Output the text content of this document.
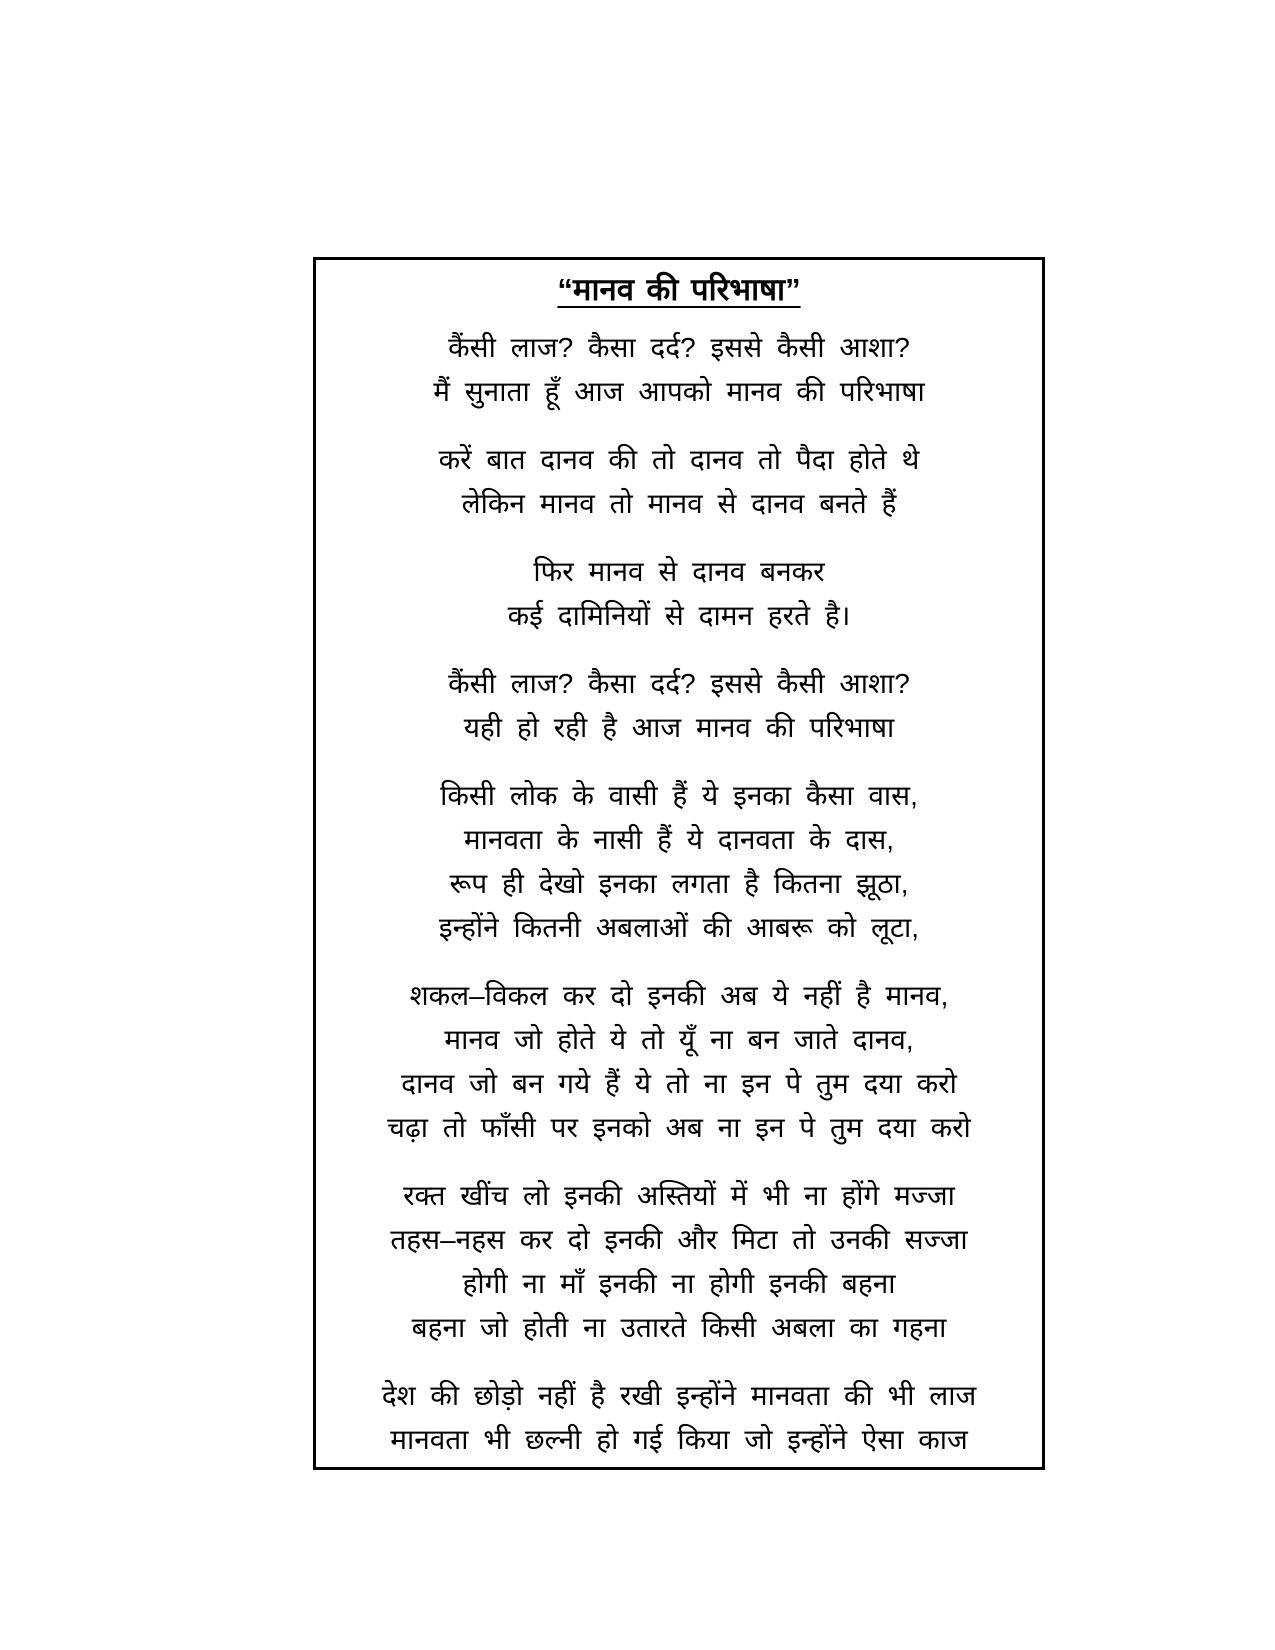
“मानव की परिभाषा”

कैंसी लाज? कैसा दर्द? इससे कैसी आशा?

मैं सुनाता हूँ आज आपको मानव की परिभाषा

करें बात दानव की तो दानव तो पैदा होते थे

लेकिन मानव तो मानव से दानव बनते हैं

फिर मानव से दानव बनकर

कई दामिनियों से दामन हरते है।

कैंसी लाज? कैसा दर्द? इससे कैसी आशा?

यही हो रही है आज मानव की परिभाषा

किसी लोक के वासी हैं ये इनका कैसा वास,

मानवता के नासी हैं ये दानवता के दास,

रूप ही देखो इनका लगता है कितना झूठा,

इन्होंने कितनी अबलाओं की आबरू को लूटा,

शकल–विकल कर दो इनकी अब ये नहीं है मानव,

मानव जो होते ये तो यूँ ना बन जाते दानव,

दानव जो बन गये हैं ये तो ना इन पे तुम दया करो

चढ़ा तो फाँसी पर इनको अब ना इन पे तुम दया करो

रक्त खींच लो इनकी अस्तियों में भी ना होंगे मज्जा

तहस–नहस कर दो इनकी और मिटा तो उनकी सज्जा

होगी ना माँ इनकी ना होगी इनकी बहना

बहना जो होती ना उतारते किसी अबला का गहना

देश की छोड़ो नहीं है रखी इन्होंने मानवता की भी लाज

मानवता भी छल्नी हो गई किया जो इन्होंने ऐसा काज
